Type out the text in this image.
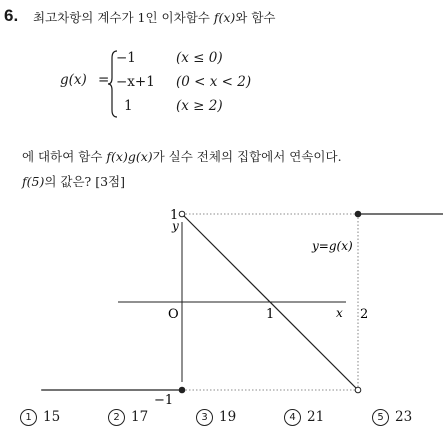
6. 최고차항의 계수가 1인 이차함수 f(x)와 함수
g(x) =
−1	(x ≤ 0)
−x+1 (0 < x < 2)
1	(x ≥ 2)
에 대하여 함수 f(x)g(x)가 실수 전체의 집합에서 연속이다.
f(5)의 값은? [3점]
y
x
O	1	2
1
−1
y=g(x)
1 15	2 17	3 19	4 21	5 23
